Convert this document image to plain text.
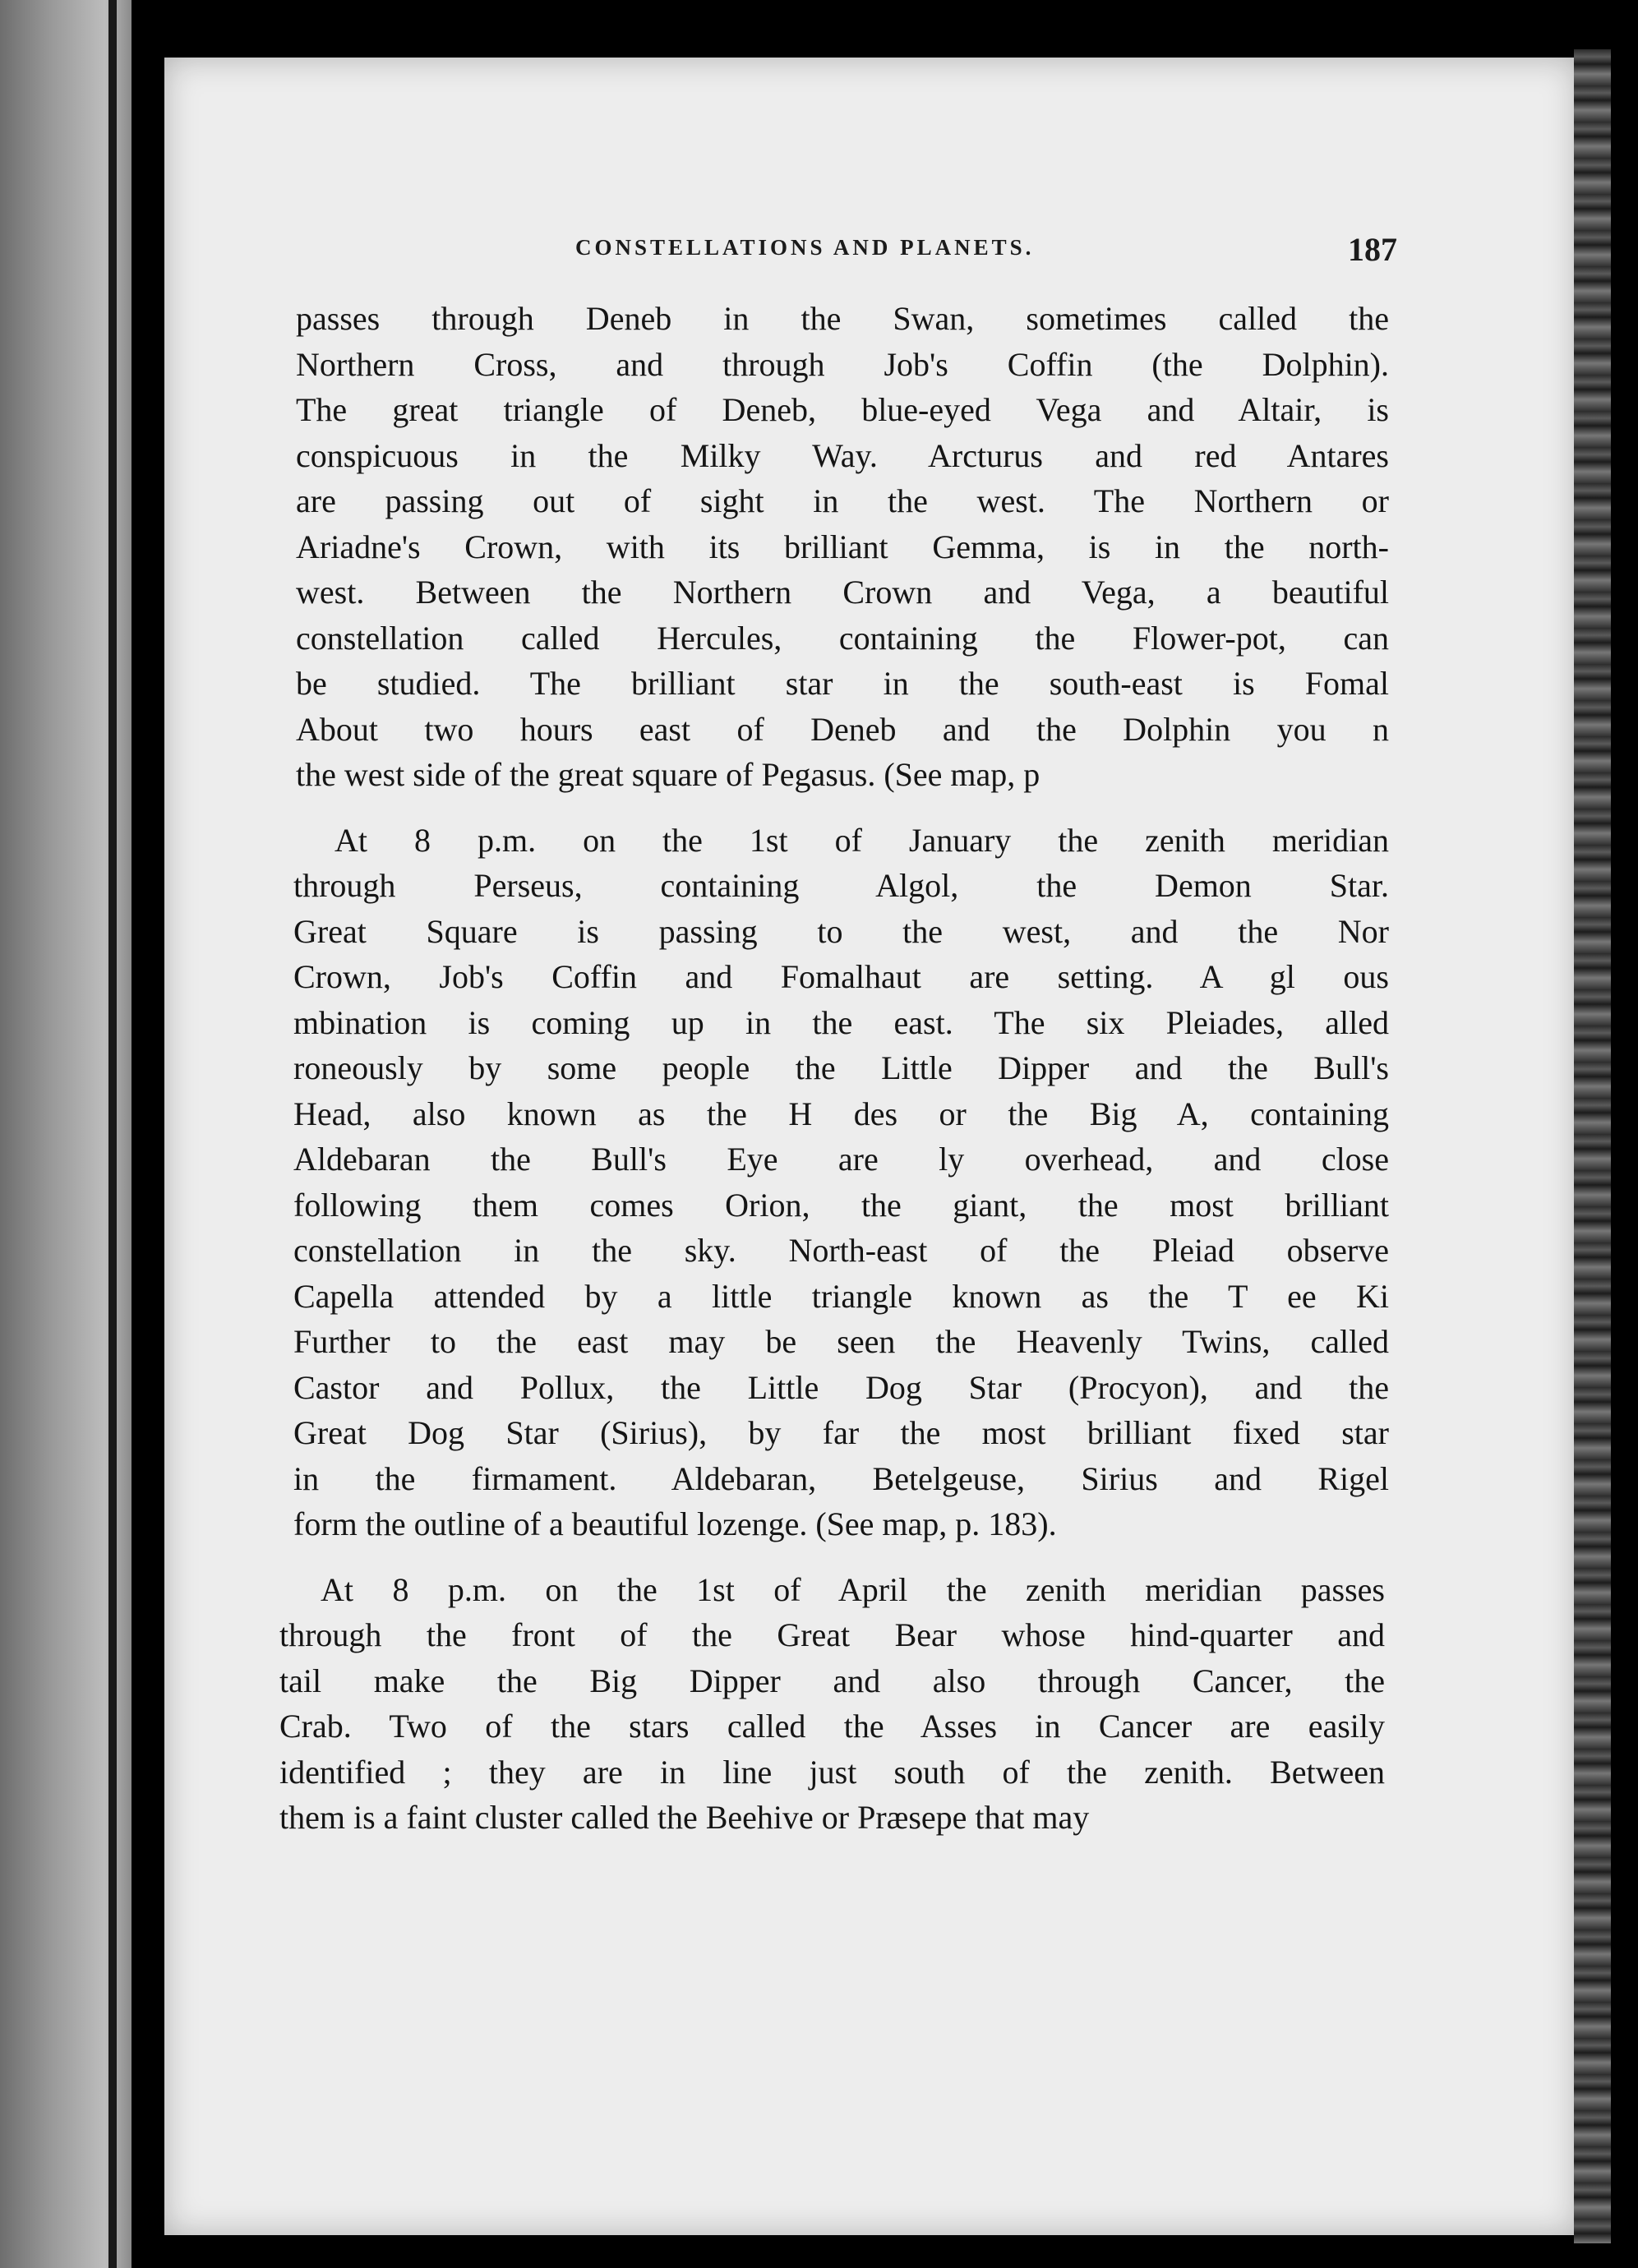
CONSTELLATIONS AND PLANETS.	187

passes through Deneb in the Swan, sometimes called the
Northern Cross, and through Job's Coffin (the Dolphin).
The great triangle of Deneb, blue-eyed Vega and Altair, is
conspicuous in the Milky Way. Arcturus and red Antares
are passing out of sight in the west. The Northern or
Ariadne's Crown, with its brilliant Gemma, is in the north-
west. Between the Northern Crown and Vega, a beautiful
constellation called Hercules, containing the Flower-pot, can
be studied. The brilliant star in the south-east is Fomal
About two hours east of Deneb and the Dolphin you n
the west side of the great square of Pegasus. (See map, p

At 8 p.m. on the 1st of January the zenith meridian
through Perseus, containing Algol, the Demon Star.
Great Square is passing to the west, and the Nor
Crown, Job's Coffin and Fomalhaut are setting. A gl ous
mbination is coming up in the east. The six Pleiades, alled
roneously by some people the Little Dipper and the Bull's
Head, also known as the H des or the Big A, containing
Aldebaran the Bull's Eye are ly overhead, and close
following them comes Orion, the giant, the most brilliant
constellation in the sky. North-east of the Pleiad observe
Capella attended by a little triangle known as the T ee Ki
Further to the east may be seen the Heavenly Twins, called
Castor and Pollux, the Little Dog Star (Procyon), and the
Great Dog Star (Sirius), by far the most brilliant fixed star
in the firmament. Aldebaran, Betelgeuse, Sirius and Rigel
form the outline of a beautiful lozenge. (See map, p. 183).

At 8 p.m. on the 1st of April the zenith meridian passes
through the front of the Great Bear whose hind-quarter and
tail make the Big Dipper and also through Cancer, the
Crab. Two of the stars called the Asses in Cancer are easily
identified ; they are in line just south of the zenith. Between
them is a faint cluster called the Beehive or Præsepe that may
